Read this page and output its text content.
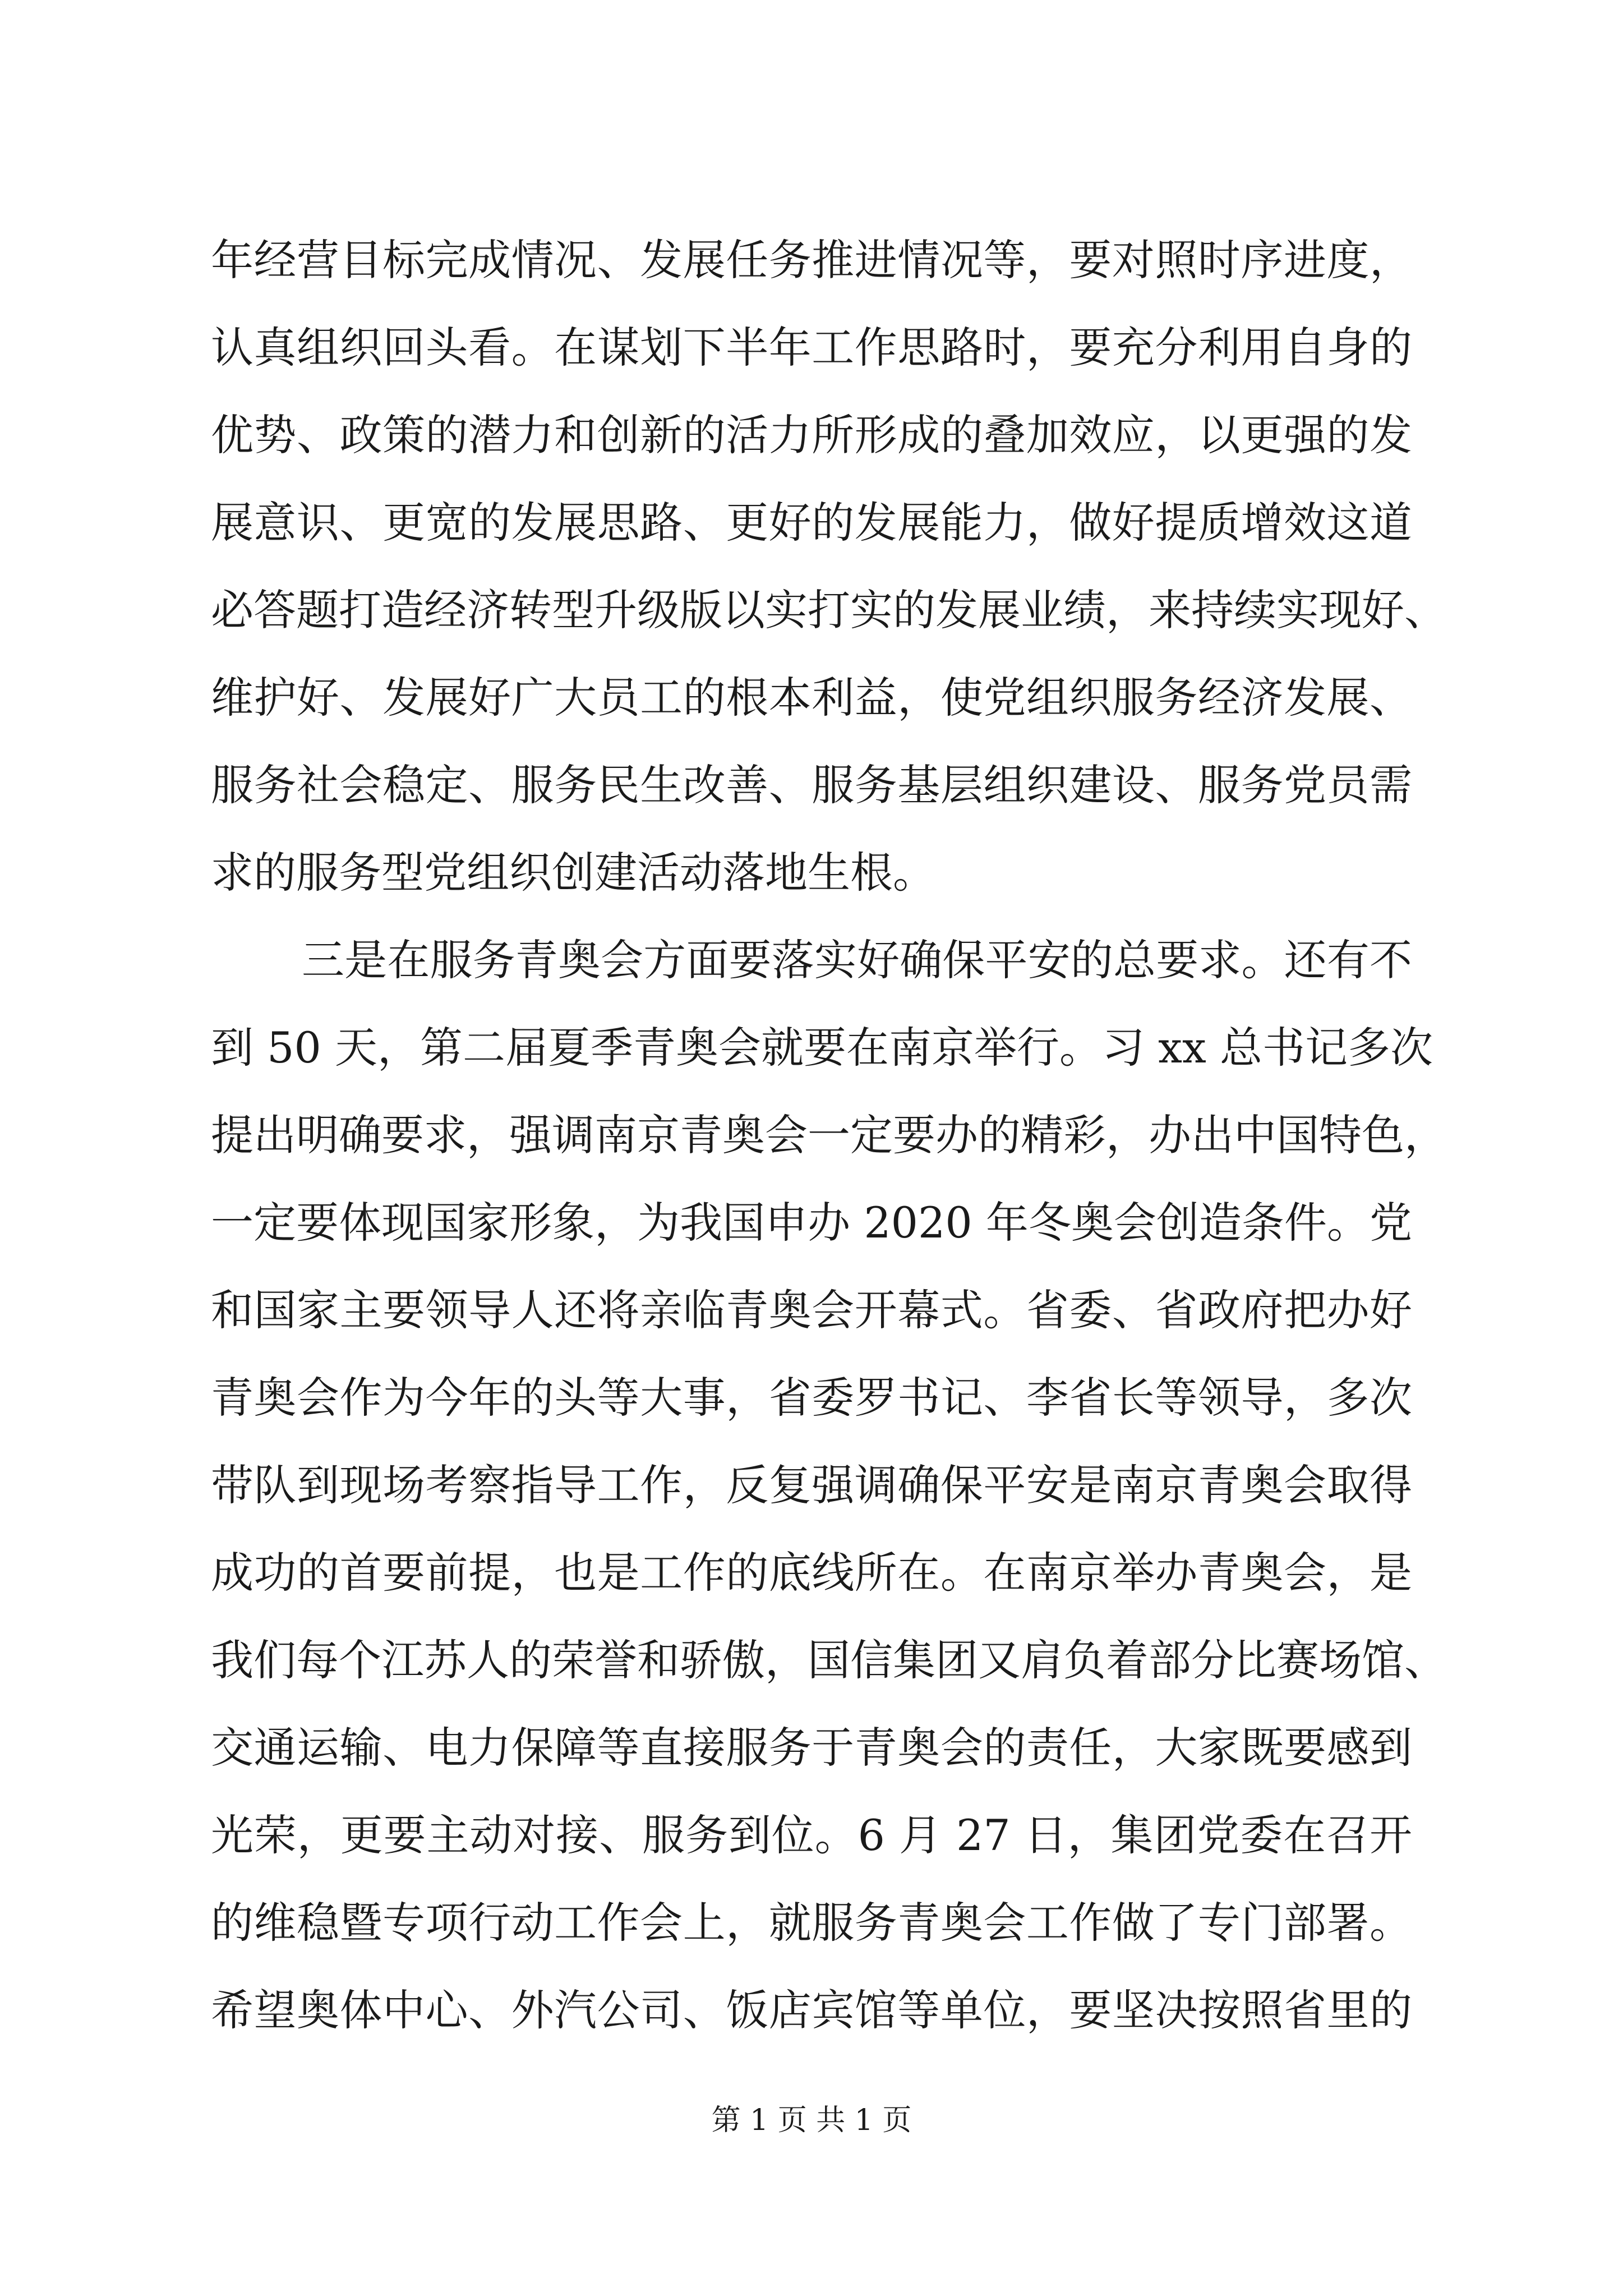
年经营目标完成情况、发展任务推进情况等，要对照时序进度，
认真组织回头看。在谋划下半年工作思路时，要充分利用自身的
优势、政策的潜力和创新的活力所形成的叠加效应，以更强的发
展意识、更宽的发展思路、更好的发展能力，做好提质增效这道
必答题打造经济转型升级版以实打实的发展业绩，来持续实现好、
维护好、发展好广大员工的根本利益，使党组织服务经济发展、
服务社会稳定、服务民生改善、服务基层组织建设、服务党员需
求的服务型党组织创建活动落地生根。
三是在服务青奥会方面要落实好确保平安的总要求。还有不
到 50 天，第二届夏季青奥会就要在南京举行。习 xx 总书记多次
提出明确要求，强调南京青奥会一定要办的精彩，办出中国特色，
一定要体现国家形象，为我国申办 2020 年冬奥会创造条件。党
和国家主要领导人还将亲临青奥会开幕式。省委、省政府把办好
青奥会作为今年的头等大事，省委罗书记、李省长等领导，多次
带队到现场考察指导工作，反复强调确保平安是南京青奥会取得
成功的首要前提，也是工作的底线所在。在南京举办青奥会，是
我们每个江苏人的荣誉和骄傲，国信集团又肩负着部分比赛场馆、
交通运输、电力保障等直接服务于青奥会的责任，大家既要感到
光荣，更要主动对接、服务到位。6 月 27 日，集团党委在召开
的维稳暨专项行动工作会上，就服务青奥会工作做了专门部署。
希望奥体中心、外汽公司、饭店宾馆等单位，要坚决按照省里的
第 1 页 共 1 页
